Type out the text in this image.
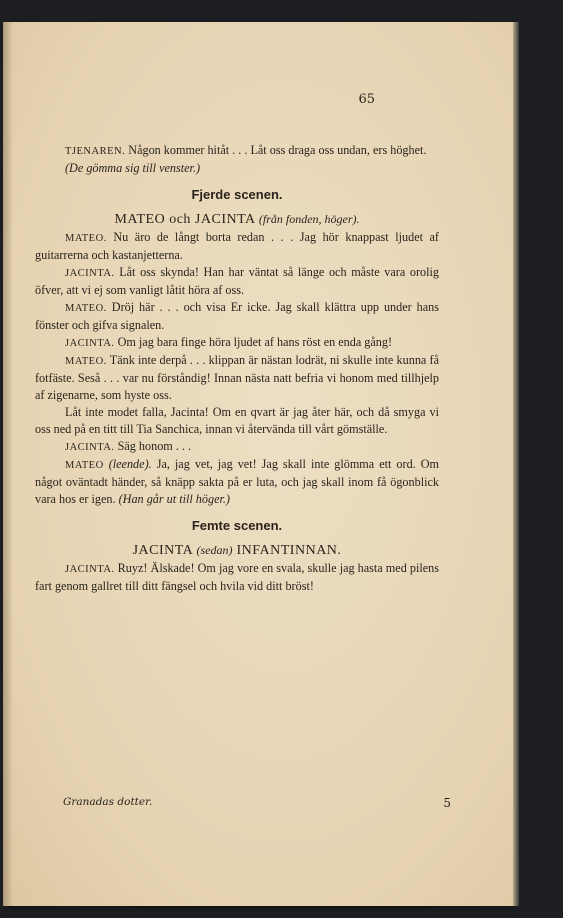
65

TJENAREN. Någon kommer hitåt . . . Låt oss draga oss undan, ers höghet.

(De gömma sig till venster.)

Fjerde scenen.

MATEO och JACINTA (från fonden, höger).

MATEO. Nu äro de långt borta redan . . . Jag hör knappast ljudet af guitarrerna och kastanjetterna.

JACINTA. Låt oss skynda! Han har väntat så länge och måste vara orolig öfver, att vi ej som vanligt låtit höra af oss.

MATEO. Dröj här . . . och visa Er icke. Jag skall klättra upp under hans fönster och gifva signalen.

JACINTA. Om jag bara finge höra ljudet af hans röst en enda gång!

MATEO. Tänk inte derpå . . . klippan är nästan lodrät, ni skulle inte kunna få fotfäste. Seså . . . var nu förståndig! Innan nästa natt befria vi honom med tillhjelp af zigenarne, som hyste oss.

Låt inte modet falla, Jacinta! Om en qvart är jag åter här, och då smyga vi oss ned på en titt till Tia Sanchica, innan vi återvända till vårt gömställe.

JACINTA. Säg honom . . .

MATEO (leende). Ja, jag vet, jag vet! Jag skall inte glömma ett ord. Om något oväntadt händer, så knäpp sakta på er luta, och jag skall inom få ögonblick vara hos er igen. (Han går ut till höger.)

Femte scenen.

JACINTA (sedan) INFANTINNAN.

JACINTA. Ruyz! Älskade! Om jag vore en svala, skulle jag hasta med pilens fart genom gallret till ditt fängsel och hvila vid ditt bröst!

Granadas dotter.	5
